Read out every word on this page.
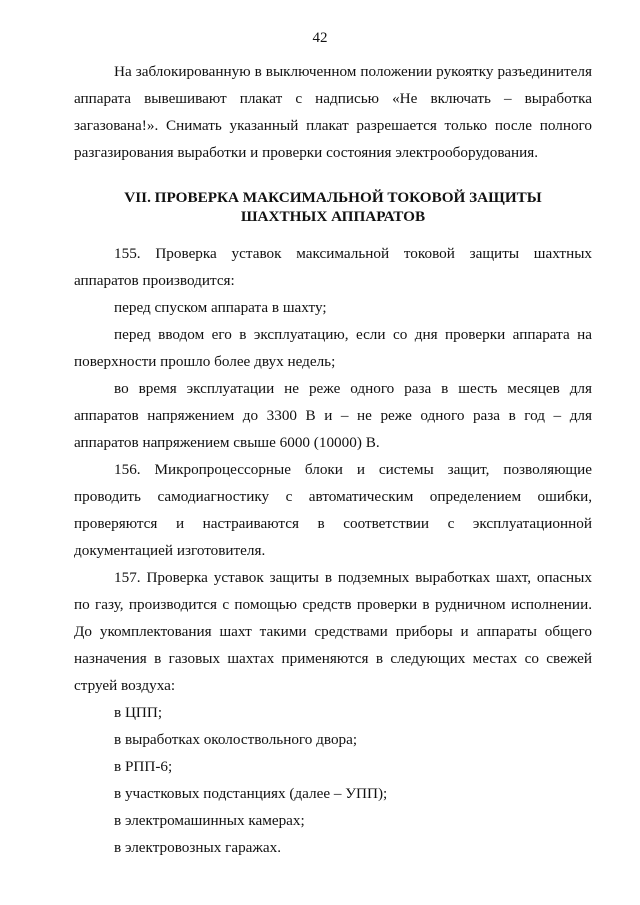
42

На заблокированную в выключенном положении рукоятку разъединителя аппарата вывешивают плакат с надписью «Не включать – выработка загазована!». Снимать указанный плакат разрешается только после полного разгазирования выработки и проверки состояния электрооборудования.

VII. ПРОВЕРКА МАКСИМАЛЬНОЙ ТОКОВОЙ ЗАЩИТЫ ШАХТНЫХ АППАРАТОВ

155. Проверка уставок максимальной токовой защиты шахтных аппаратов производится:

перед спуском аппарата в шахту;

перед вводом его в эксплуатацию, если со дня проверки аппарата на поверхности прошло более двух недель;

во время эксплуатации не реже одного раза в шесть месяцев для аппаратов напряжением до 3300 В и – не реже одного раза в год – для аппаратов напряжением свыше 6000 (10000) В.

156. Микропроцессорные блоки и системы защит, позволяющие проводить самодиагностику с автоматическим определением ошибки, проверяются и настраиваются в соответствии с эксплуатационной документацией изготовителя.

157. Проверка уставок защиты в подземных выработках шахт, опасных по газу, производится с помощью средств проверки в рудничном исполнении. До укомплектования шахт такими средствами приборы и аппараты общего назначения в газовых шахтах применяются в следующих местах со свежей струей воздуха:

в ЦПП;

в выработках околоствольного двора;

в РПП-6;

в участковых подстанциях (далее – УПП);

в электромашинных камерах;

в электровозных гаражах.
